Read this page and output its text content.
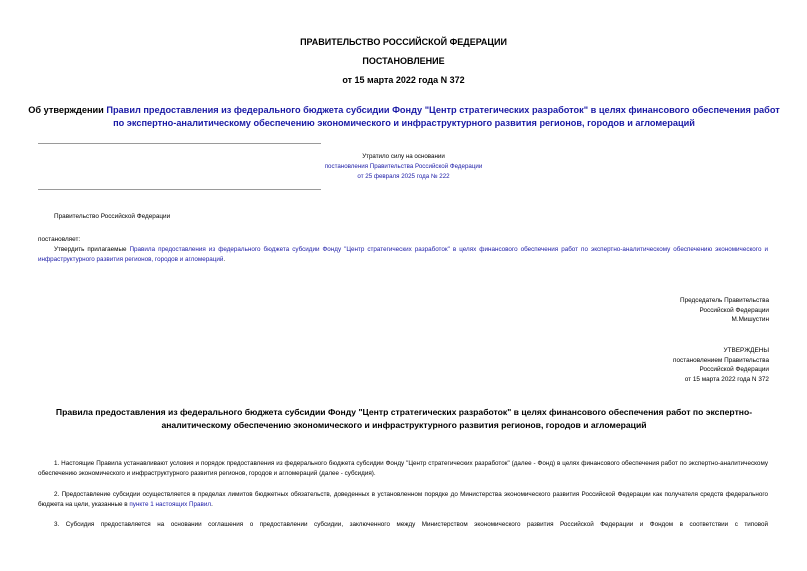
ПРАВИТЕЛЬСТВО РОССИЙСКОЙ ФЕДЕРАЦИИ
ПОСТАНОВЛЕНИЕ
от 15 марта 2022 года N 372
Об утверждении Правил предоставления из федерального бюджета субсидии Фонду "Центр стратегических разработок" в целях финансового обеспечения работ по экспертно-аналитическому обеспечению экономического и инфраструктурного развития регионов, городов и агломераций
Утратило силу на основании
постановления Правительства Российской Федерации
от 25 февраля 2025 года № 222
Правительство Российской Федерации
постановляет:
Утвердить прилагаемые Правила предоставления из федерального бюджета субсидии Фонду "Центр стратегических разработок" в целях финансового обеспечения работ по экспертно-аналитическому обеспечению экономического и инфраструктурного развития регионов, городов и агломераций.
Председатель Правительства
Российской Федерации
М.Мишустин
УТВЕРЖДЕНЫ
постановлением Правительства
Российской Федерации
от 15 марта 2022 года N 372
Правила предоставления из федерального бюджета субсидии Фонду "Центр стратегических разработок" в целях финансового обеспечения работ по экспертно-аналитическому обеспечению экономического и инфраструктурного развития регионов, городов и агломераций
1. Настоящие Правила устанавливают условия и порядок предоставления из федерального бюджета субсидии Фонду "Центр стратегических разработок" (далее - Фонд) в целях финансового обеспечения работ по экспертно-аналитическому обеспечению экономического и инфраструктурного развития регионов, городов и агломераций (далее - субсидия).
2. Предоставление субсидии осуществляется в пределах лимитов бюджетных обязательств, доведенных в установленном порядке до Министерства экономического развития Российской Федерации как получателя средств федерального бюджета на цели, указанные в пункте 1 настоящих Правил.
3. Субсидия предоставляется на основании соглашения о предоставлении субсидии, заключенного между Министерством экономического развития Российской Федерации и Фондом в соответствии с типовой
